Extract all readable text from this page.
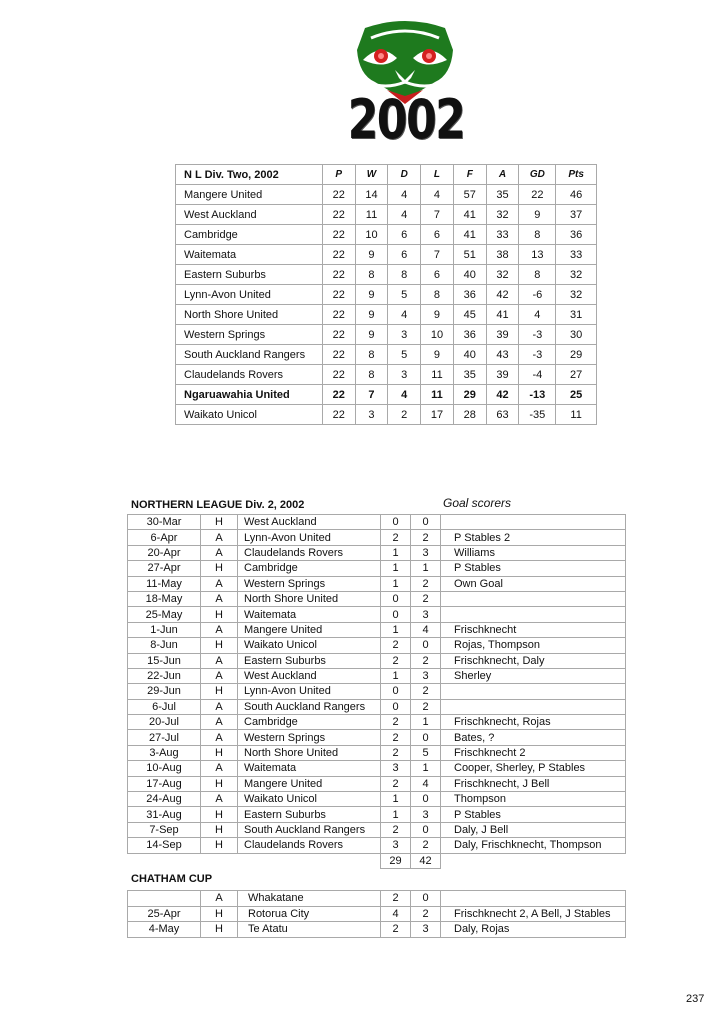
2002
N L Div. Two, 2002	P	W	D	L	F	A	GD	Pts
Mangere United	22	14	4	4	57	35	22	46
West Auckland	22	11	4	7	41	32	9	37
Cambridge	22	10	6	6	41	33	8	36
Waitemata	22	9	6	7	51	38	13	33
Eastern Suburbs	22	8	8	6	40	32	8	32
Lynn-Avon United	22	9	5	8	36	42	-6	32
North Shore United	22	9	4	9	45	41	4	31
Western Springs	22	9	3	10	36	39	-3	30
South Auckland Rangers	22	8	5	9	40	43	-3	29
Claudelands Rovers	22	8	3	11	35	39	-4	27
Ngaruawahia United	22	7	4	11	29	42	-13	25
Waikato Unicol	22	3	2	17	28	63	-35	11
NORTHERN LEAGUE Div. 2, 2002	Goal scorers
30-Mar	H	West Auckland	0	0	
6-Apr	A	Lynn-Avon United	2	2	P Stables 2
20-Apr	A	Claudelands Rovers	1	3	Williams
27-Apr	H	Cambridge	1	1	P Stables
11-May	A	Western Springs	1	2	Own Goal
18-May	A	North Shore United	0	2	
25-May	H	Waitemata	0	3	
1-Jun	A	Mangere United	1	4	Frischknecht
8-Jun	H	Waikato Unicol	2	0	Rojas, Thompson
15-Jun	A	Eastern Suburbs	2	2	Frischknecht, Daly
22-Jun	A	West Auckland	1	3	Sherley
29-Jun	H	Lynn-Avon United	0	2	
6-Jul	A	South Auckland Rangers	0	2	
20-Jul	A	Cambridge	2	1	Frischknecht, Rojas
27-Jul	A	Western Springs	2	0	Bates, ?
3-Aug	H	North Shore United	2	5	Frischknecht 2
10-Aug	A	Waitemata	3	1	Cooper, Sherley, P Stables
17-Aug	H	Mangere United	2	4	Frischknecht, J Bell
24-Aug	A	Waikato Unicol	1	0	Thompson
31-Aug	H	Eastern Suburbs	1	3	P Stables
7-Sep	H	South Auckland Rangers	2	0	Daly, J Bell
14-Sep	H	Claudelands Rovers	3	2	Daly, Frischknecht, Thompson
			29	42	
CHATHAM CUP
	A	Whakatane	2	0	
25-Apr	H	Rotorua City	4	2	Frischknecht 2, A Bell, J Stables
4-May	H	Te Atatu	2	3	Daly, Rojas
237
